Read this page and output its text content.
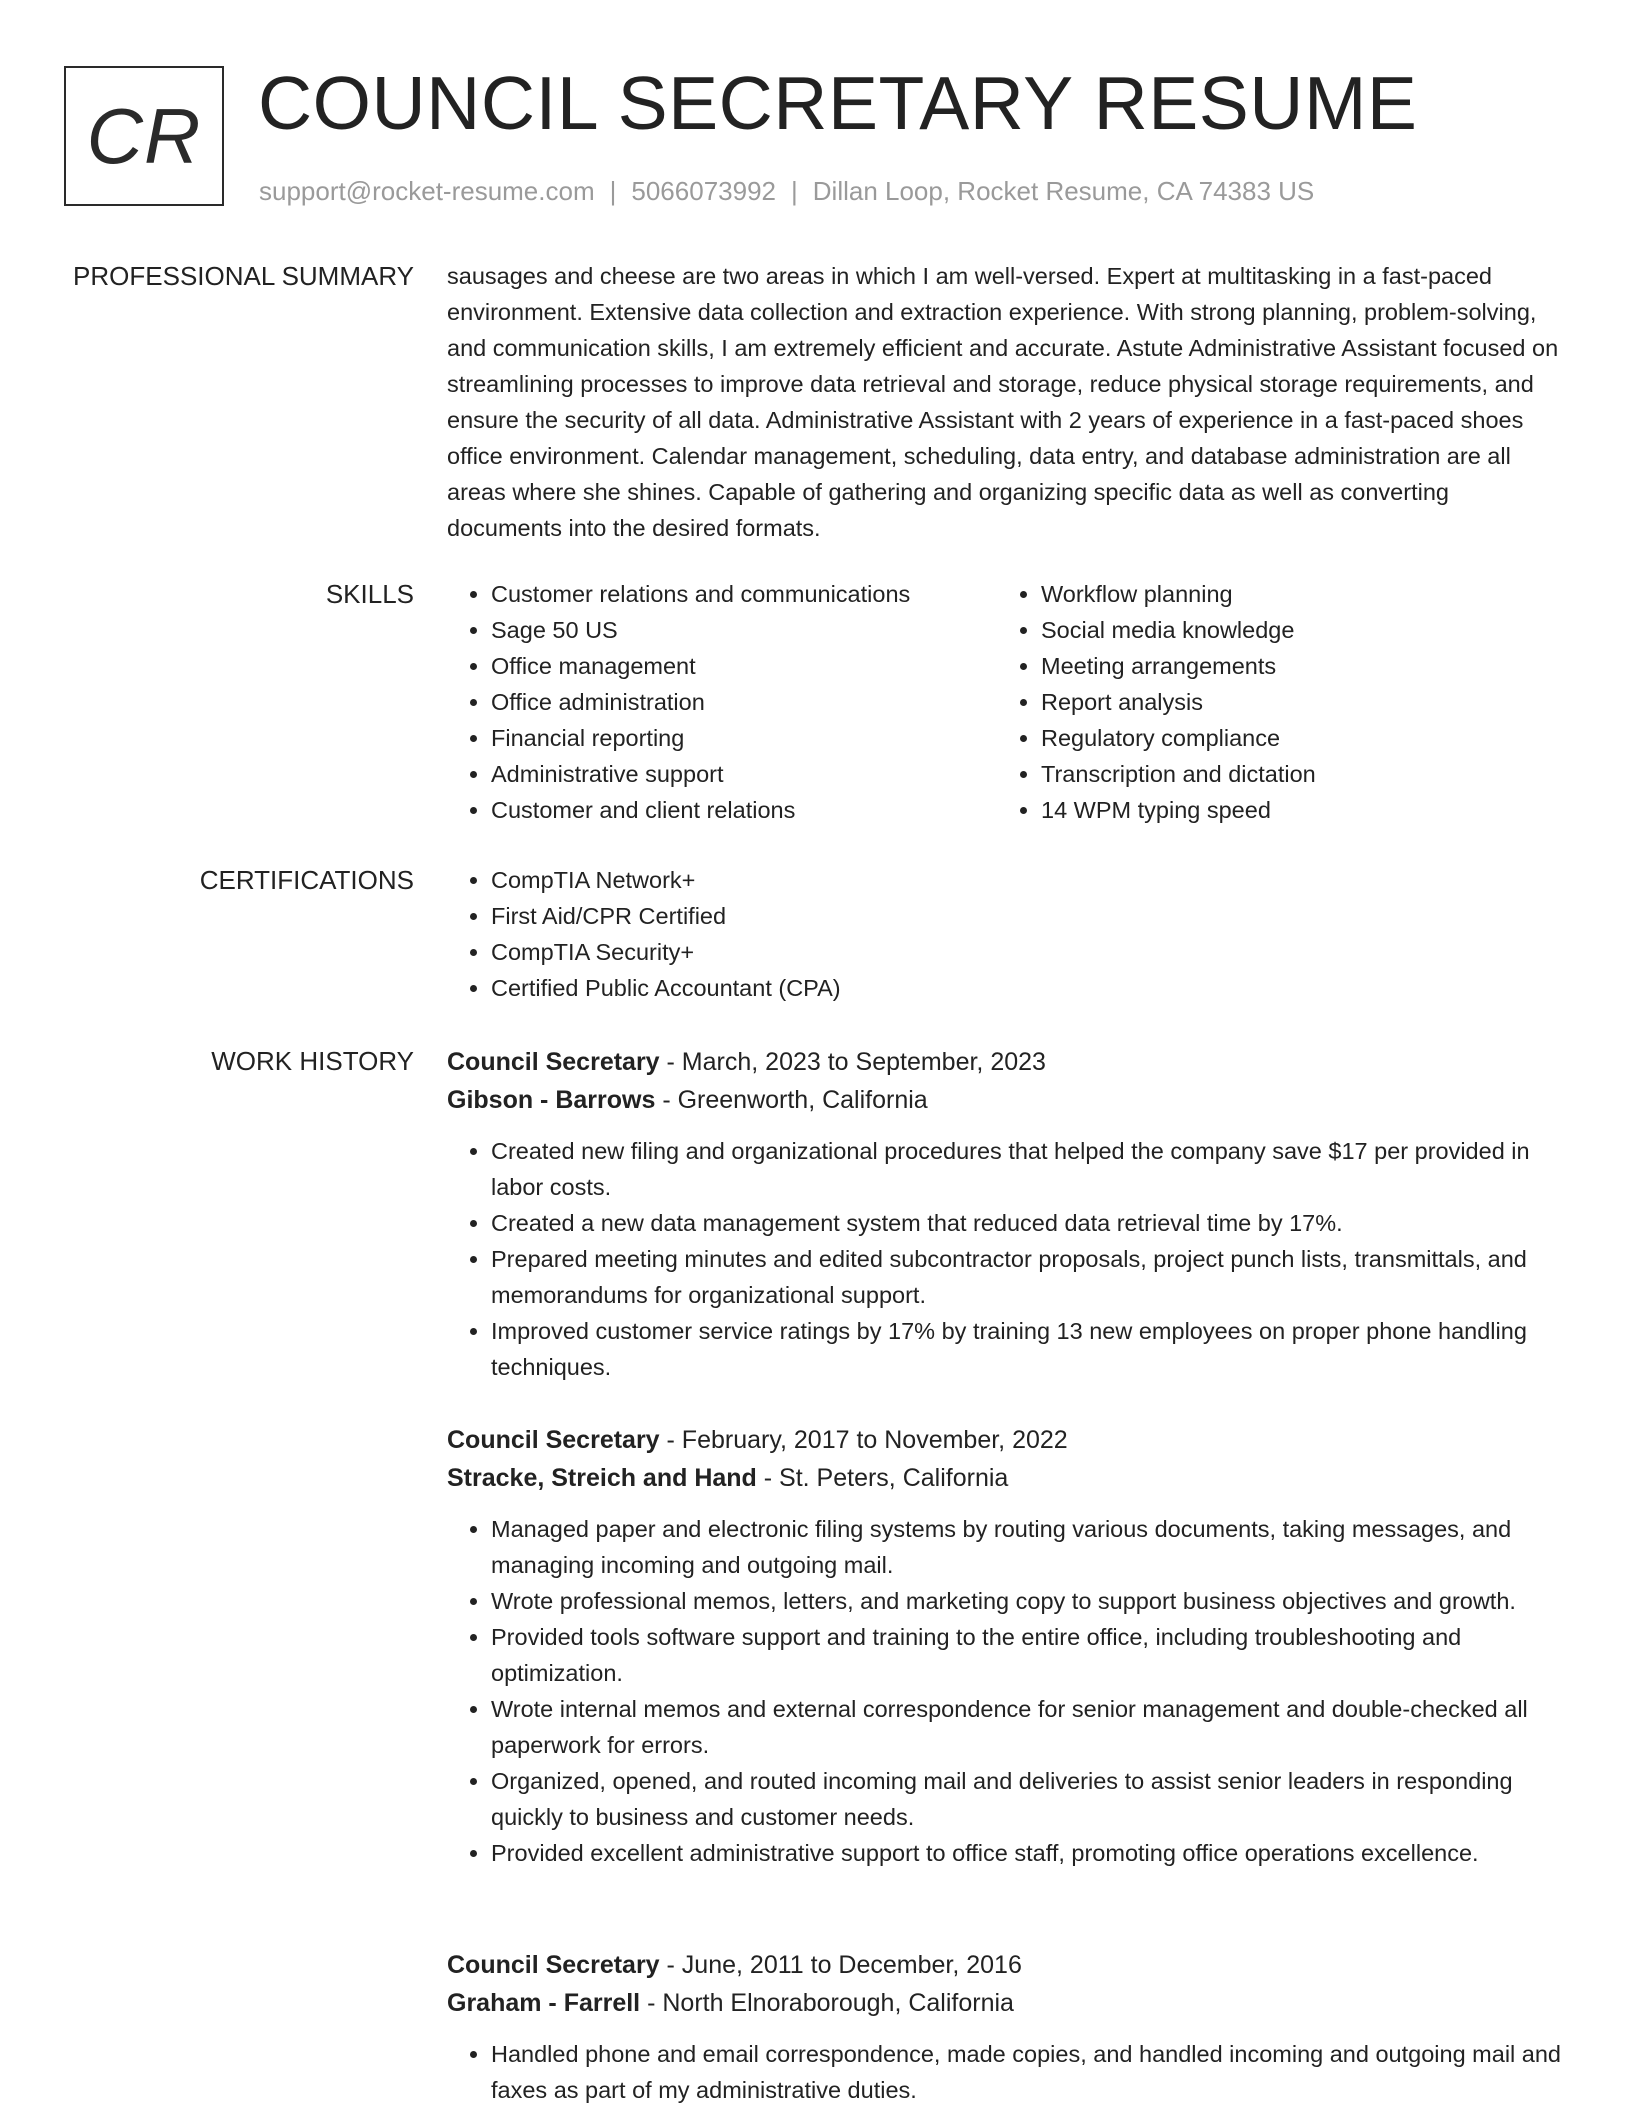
CR COUNCIL SECRETARY RESUME
support@rocket-resume.com | 5066073992 | Dillan Loop, Rocket Resume, CA 74383 US
PROFESSIONAL SUMMARY sausages and cheese are two areas in which I am well-versed. Expert at multitasking in a fast-paced environment. Extensive data collection and extraction experience. With strong planning, problem-solving, and communication skills, I am extremely efficient and accurate. Astute Administrative Assistant focused on streamlining processes to improve data retrieval and storage, reduce physical storage requirements, and ensure the security of all data. Administrative Assistant with 2 years of experience in a fast-paced shoes office environment. Calendar management, scheduling, data entry, and database administration are all areas where she shines. Capable of gathering and organizing specific data as well as converting documents into the desired formats.

SKILLS	• Customer relations and communications
• Sage 50 US
• Office management
• Office administration
• Financial reporting
• Administrative support
• Customer and client relations
• Workflow planning
• Social media knowledge
• Meeting arrangements
• Report analysis
• Regulatory compliance
• Transcription and dictation
• 14 WPM typing speed
CERTIFICATIONS	• CompTIA Network+
• First Aid/CPR Certified
• CompTIA Security+
• Certified Public Accountant (CPA)
WORK HISTORY Council Secretary - March, 2023 to September, 2023
Gibson - Barrows - Greenworth, California
• Created new filing and organizational procedures that helped the company save $17 per provided in labor costs.
• Created a new data management system that reduced data retrieval time by 17%.
• Prepared meeting minutes and edited subcontractor proposals, project punch lists, transmittals, and memorandums for organizational support.
• Improved customer service ratings by 17% by training 13 new employees on proper phone handling techniques.
Council Secretary - February, 2017 to November, 2022
Stracke, Streich and Hand - St. Peters, California
• Managed paper and electronic filing systems by routing various documents, taking messages, and managing incoming and outgoing mail.
• Wrote professional memos, letters, and marketing copy to support business objectives and growth.
• Provided tools software support and training to the entire office, including troubleshooting and optimization.
• Wrote internal memos and external correspondence for senior management and double-checked all paperwork for errors.
• Organized, opened, and routed incoming mail and deliveries to assist senior leaders in responding quickly to business and customer needs.
• Provided excellent administrative support to office staff, promoting office operations excellence.
Council Secretary - June, 2011 to December, 2016
Graham - Farrell - North Elnoraborough, California
• Handled phone and email correspondence, made copies, and handled incoming and outgoing mail and faxes as part of my administrative duties.
